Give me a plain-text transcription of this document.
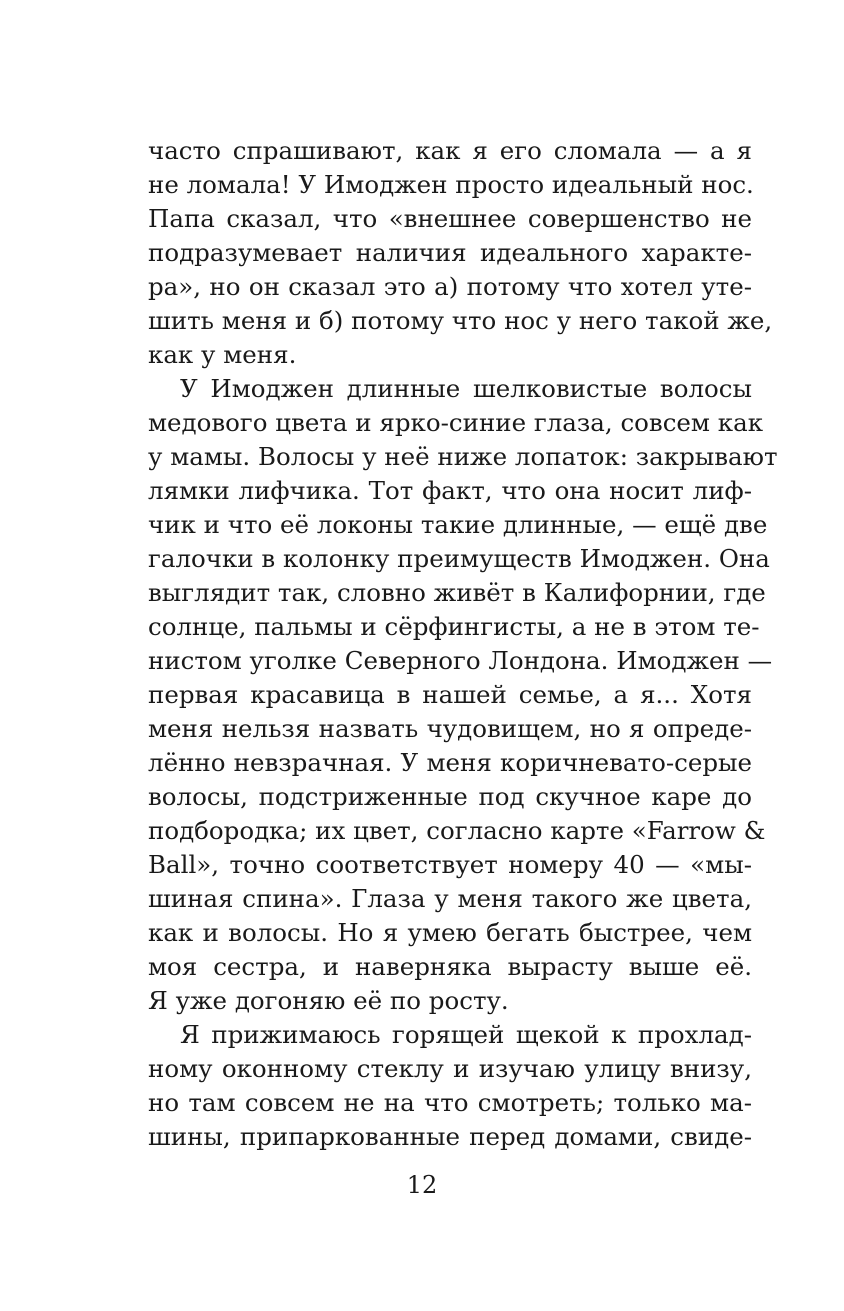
часто спрашивают, как я его сломала — а я
не ломала! У Имоджен просто идеальный нос.
Папа сказал, что «внешнее совершенство не
подразумевает наличия идеального характе-
ра», но он сказал это а) потому что хотел уте-
шить меня и б) потому что нос у него такой же,
как у меня.
У Имоджен длинные шелковистые волосы
медового цвета и ярко-синие глаза, совсем как
у мамы. Волосы у неё ниже лопаток: закрывают
лямки лифчика. Тот факт, что она носит лиф-
чик и что её локоны такие длинные, — ещё две
галочки в колонку преимуществ Имоджен. Она
выглядит так, словно живёт в Калифорнии, где
солнце, пальмы и сёрфингисты, а не в этом те-
нистом уголке Северного Лондона. Имоджен —
первая красавица в нашей семье, а я... Хотя
меня нельзя назвать чудовищем, но я опреде-
лённо невзрачная. У меня коричневато-серые
волосы, подстриженные под скучное каре до
подбородка; их цвет, согласно карте «Farrow &
Ball», точно соответствует номеру 40 — «мы-
шиная спина». Глаза у меня такого же цвета,
как и волосы. Но я умею бегать быстрее, чем
моя сестра, и наверняка вырасту выше её.
Я уже догоняю её по росту.
Я прижимаюсь горящей щекой к прохлад-
ному оконному стеклу и изучаю улицу внизу,
но там совсем не на что смотреть; только ма-
шины, припаркованные перед домами, свиде-
12
